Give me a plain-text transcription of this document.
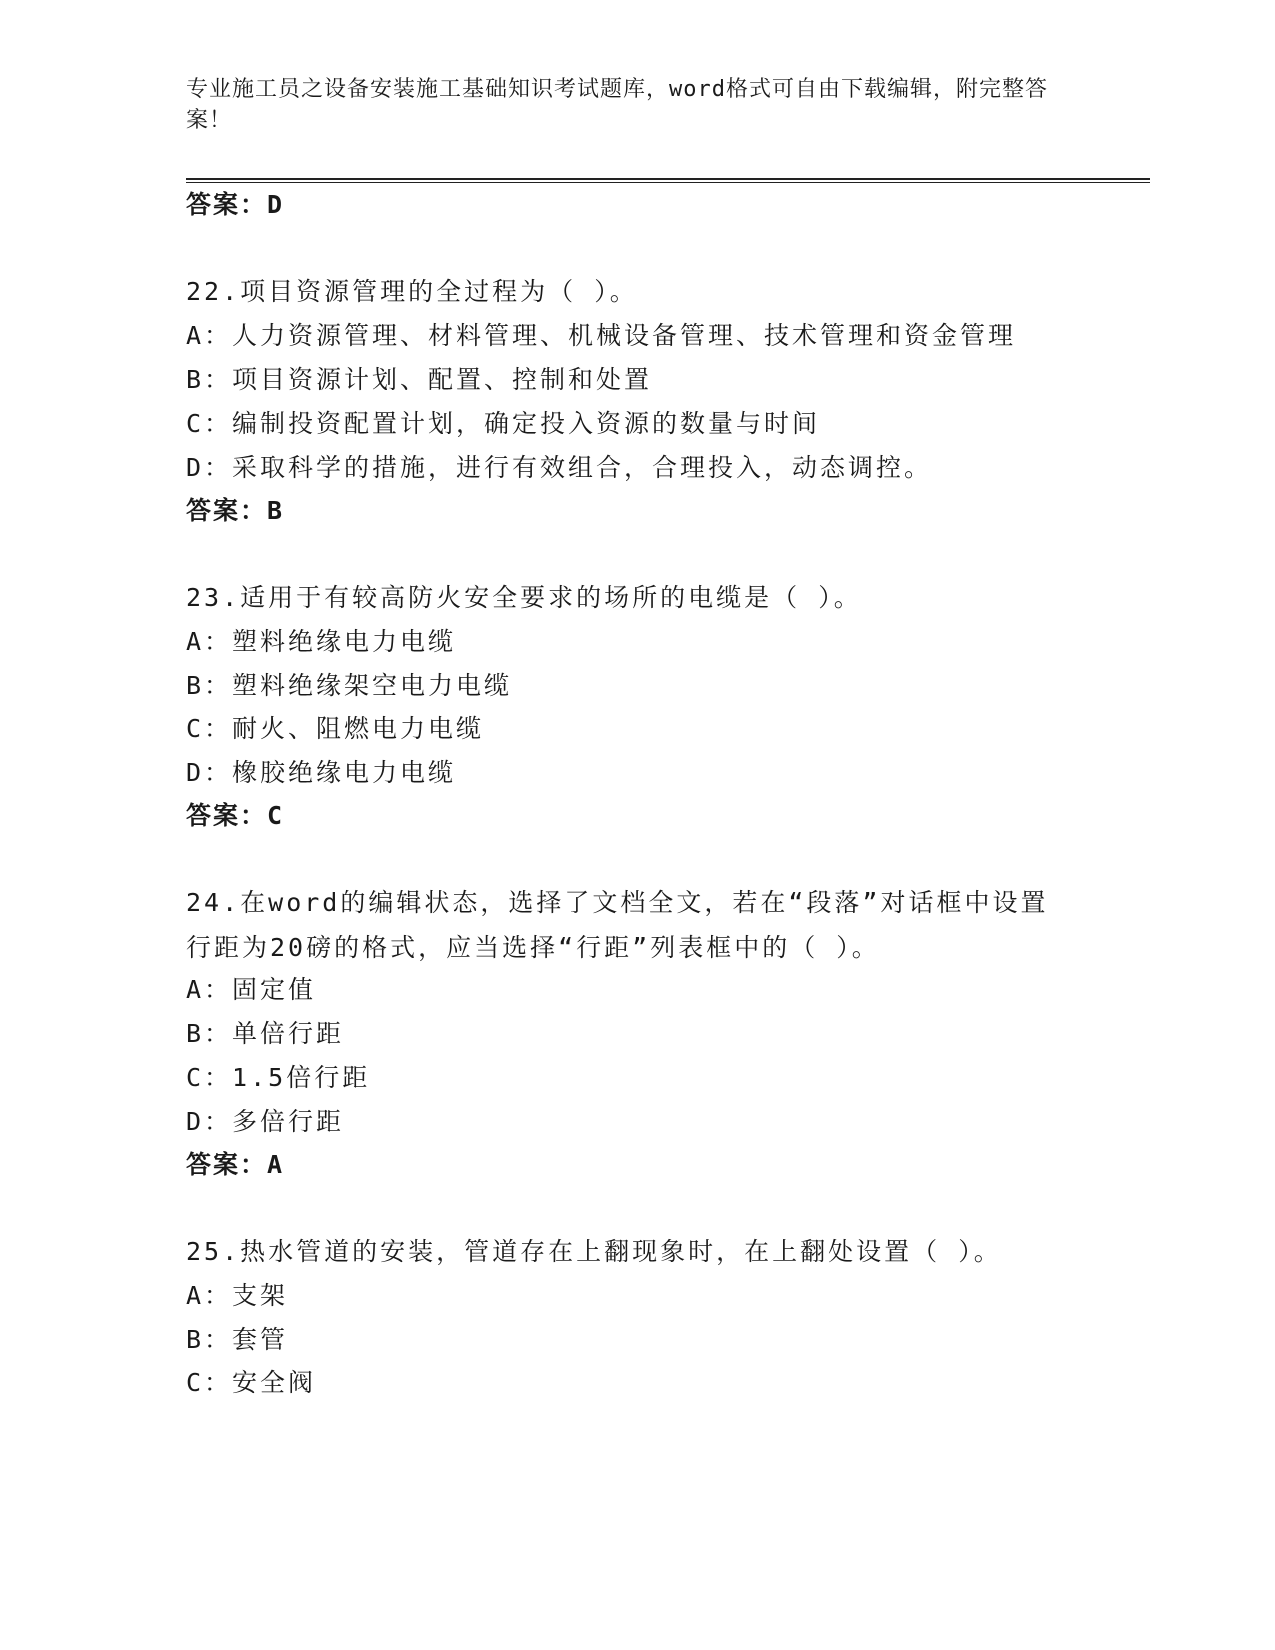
专业施工员之设备安装施工基础知识考试题库，word格式可自由下载编辑，附完整答案！
答案：D
22.项目资源管理的全过程为（ ）。
A：人力资源管理、材料管理、机械设备管理、技术管理和资金管理
B：项目资源计划、配置、控制和处置
C：编制投资配置计划，确定投入资源的数量与时间
D：采取科学的措施，进行有效组合，合理投入，动态调控。
答案：B
23.适用于有较高防火安全要求的场所的电缆是（ ）。
A：塑料绝缘电力电缆
B：塑料绝缘架空电力电缆
C：耐火、阻燃电力电缆
D：橡胶绝缘电力电缆
答案：C
24.在word的编辑状态，选择了文档全文，若在“段落”对话框中设置行距为20磅的格式，应当选择“行距”列表框中的（ ）。
A：固定值
B：单倍行距
C：1.5倍行距
D：多倍行距
答案：A
25.热水管道的安装，管道存在上翻现象时，在上翻处设置（ ）。
A：支架
B：套管
C：安全阀
